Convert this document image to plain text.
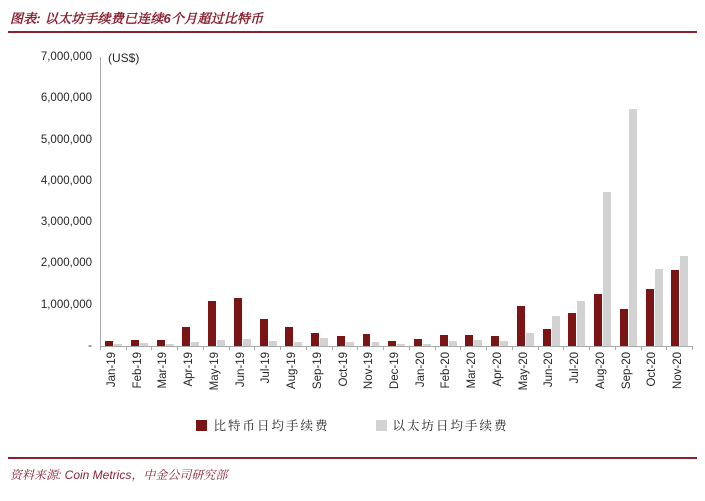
图表: 以太坊手续费已连续6个月超过比特币
(US$)
7,000,000
6,000,000
5,000,000
4,000,000
3,000,000
2,000,000
1,000,000
-
Jan-19 Feb-19 Mar-19 Apr-19 May-19 Jun-19 Jul-19 Aug-19 Sep-19 Oct-19 Nov-19 Dec-19 Jan-20 Feb-20 Mar-20 Apr-20 May-20 Jun-20 Jul-20 Aug-20 Sep-20 Oct-20 Nov-20
比特币日均手续费	以太坊日均手续费
资料来源: Coin Metrics，中金公司研究部
